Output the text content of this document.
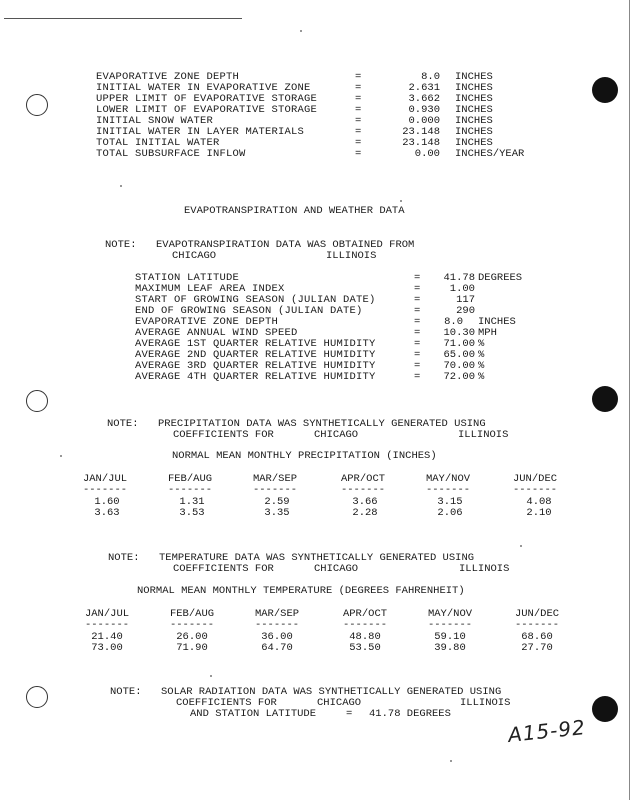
EVAPORATIVE ZONE DEPTH	=	8.0 INCHES
INITIAL WATER IN EVAPORATIVE ZONE	=	2.631 INCHES
UPPER LIMIT OF EVAPORATIVE STORAGE	=	3.662 INCHES
LOWER LIMIT OF EVAPORATIVE STORAGE	=	0.930 INCHES
INITIAL SNOW WATER	=	0.000 INCHES
INITIAL WATER IN LAYER MATERIALS	=	23.148 INCHES
TOTAL INITIAL WATER	=	23.148 INCHES
TOTAL SUBSURFACE INFLOW	=	0.00 INCHES/YEAR
EVAPOTRANSPIRATION AND WEATHER DATA
NOTE: EVAPOTRANSPIRATION DATA WAS OBTAINED FROM
CHICAGO	ILLINOIS
STATION LATITUDE	=	41.78 DEGREES
MAXIMUM LEAF AREA INDEX	=	1.00
START OF GROWING SEASON (JULIAN DATE)	=	117
END OF GROWING SEASON (JULIAN DATE)	=	290
EVAPORATIVE ZONE DEPTH	=	8.0 INCHES
AVERAGE ANNUAL WIND SPEED	=	10.30 MPH
AVERAGE 1ST QUARTER RELATIVE HUMIDITY	=	71.00 %
AVERAGE 2ND QUARTER RELATIVE HUMIDITY	=	65.00 %
AVERAGE 3RD QUARTER RELATIVE HUMIDITY	=	70.00 %
AVERAGE 4TH QUARTER RELATIVE HUMIDITY	=	72.00 %
NOTE: PRECIPITATION DATA WAS SYNTHETICALLY GENERATED USING
COEFFICIENTS FOR	CHICAGO	ILLINOIS
NORMAL MEAN MONTHLY PRECIPITATION (INCHES)
JAN/JUL	FEB/AUG	MAR/SEP	APR/OCT	MAY/NOV	JUN/DEC
-------	-------	-------	-------	-------	-------
1.60	1.31	2.59	3.66	3.15	4.08
3.63	3.53	3.35	2.28	2.06	2.10
NOTE: TEMPERATURE DATA WAS SYNTHETICALLY GENERATED USING
COEFFICIENTS FOR	CHICAGO	ILLINOIS
NORMAL MEAN MONTHLY TEMPERATURE (DEGREES FAHRENHEIT)
JAN/JUL	FEB/AUG	MAR/SEP	APR/OCT	MAY/NOV	JUN/DEC
-------	-------	-------	-------	-------	-------
21.40	26.00	36.00	48.80	59.10	68.60
73.00	71.90	64.70	53.50	39.80	27.70
NOTE: SOLAR RADIATION DATA WAS SYNTHETICALLY GENERATED USING
COEFFICIENTS FOR	CHICAGO	ILLINOIS
AND STATION LATITUDE	= 41.78 DEGREES
A15-92
